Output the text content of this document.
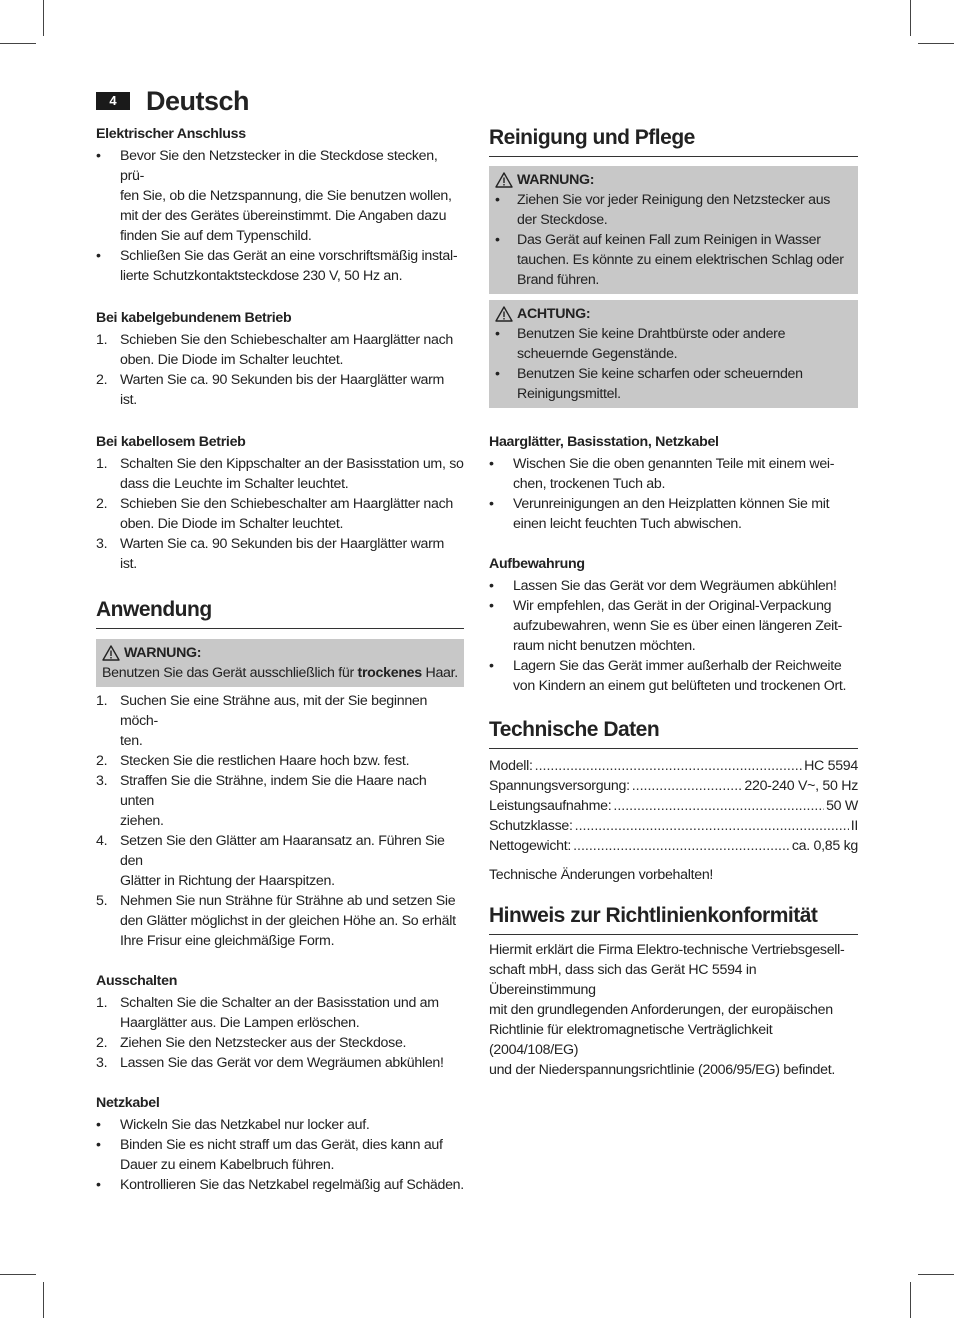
4	Deutsch
Elektrischer Anschluss
• Bevor Sie den Netzstecker in die Steckdose stecken, prü-
fen Sie, ob die Netzspannung, die Sie benutzen wollen,
mit der des Gerätes übereinstimmt. Die Angaben dazu
finden Sie auf dem Typenschild.
• Schließen Sie das Gerät an eine vorschriftsmäßig instal-
lierte Schutzkontaktsteckdose 230 V, 50 Hz an.
Bei kabelgebundenem Betrieb
1. Schieben Sie den Schiebeschalter am Haarglätter nach
oben. Die Diode im Schalter leuchtet.
2. Warten Sie ca. 90 Sekunden bis der Haarglätter warm ist.
Bei kabellosem Betrieb
1. Schalten Sie den Kippschalter an der Basisstation um, so
dass die Leuchte im Schalter leuchtet.
2. Schieben Sie den Schiebeschalter am Haarglätter nach
oben. Die Diode im Schalter leuchtet.
3. Warten Sie ca. 90 Sekunden bis der Haarglätter warm ist.
Anwendung
WARNUNG:

Benutzen Sie das Gerät ausschließlich für trockenes Haar.

1. Suchen Sie eine Strähne aus, mit der Sie beginnen möch-
ten.
2. Stecken Sie die restlichen Haare hoch bzw. fest.
3. Straffen Sie die Strähne, indem Sie die Haare nach unten
ziehen.
4. Setzen Sie den Glätter am Haaransatz an. Führen Sie den
Glätter in Richtung der Haarspitzen.
5. Nehmen Sie nun Strähne für Strähne ab und setzen Sie
den Glätter möglichst in der gleichen Höhe an. So erhält
Ihre Frisur eine gleichmäßige Form.
Ausschalten
1. Schalten Sie die Schalter an der Basisstation und am
Haarglätter aus. Die Lampen erlöschen.
2. Ziehen Sie den Netzstecker aus der Steckdose.
3. Lassen Sie das Gerät vor dem Wegräumen abkühlen!
Netzkabel
• Wickeln Sie das Netzkabel nur locker auf.
• Binden Sie es nicht straff um das Gerät, dies kann auf
Dauer zu einem Kabelbruch führen.
• Kontrollieren Sie das Netzkabel regelmäßig auf Schäden.
Reinigung und Pflege
WARNUNG:
• Ziehen Sie vor jeder Reinigung den Netzstecker aus
der Steckdose.
• Das Gerät auf keinen Fall zum Reinigen in Wasser
tauchen. Es könnte zu einem elektrischen Schlag oder
Brand führen.
ACHTUNG:
• Benutzen Sie keine Drahtbürste oder andere
scheuernde Gegenstände.
• Benutzen Sie keine scharfen oder scheuernden
Reinigungsmittel.
Haarglätter, Basisstation, Netzkabel
• Wischen Sie die oben genannten Teile mit einem wei-
chen, trockenen Tuch ab.
• Verunreinigungen an den Heizplatten können Sie mit
einen leicht feuchten Tuch abwischen.
Aufbewahrung
• Lassen Sie das Gerät vor dem Wegräumen abkühlen!
• Wir empfehlen, das Gerät in der Original-Verpackung
aufzubewahren, wenn Sie es über einen längeren Zeit-
raum nicht benutzen möchten.
• Lagern Sie das Gerät immer außerhalb der Reichweite
von Kindern an einem gut belüfteten und trockenen Ort.
Technische Daten
Modell: .....	HC 5594
Spannungsversorgung: .....	220-240 V~, 50 Hz
Leistungsaufnahme: .....	50 W
Schutzklasse: .....	II
Nettogewicht: .....	ca. 0,85 kg

Technische Änderungen vorbehalten!

Hinweis zur Richtlinienkonformität
Hiermit erklärt die Firma Elektro-technische Vertriebsgesell-
schaft mbH, dass sich das Gerät HC 5594 in Übereinstimmung
mit den grundlegenden Anforderungen, der europäischen
Richtlinie für elektromagnetische Verträglichkeit (2004/108/EG)
und der Niederspannungsrichtlinie (2006/95/EG) befindet.
